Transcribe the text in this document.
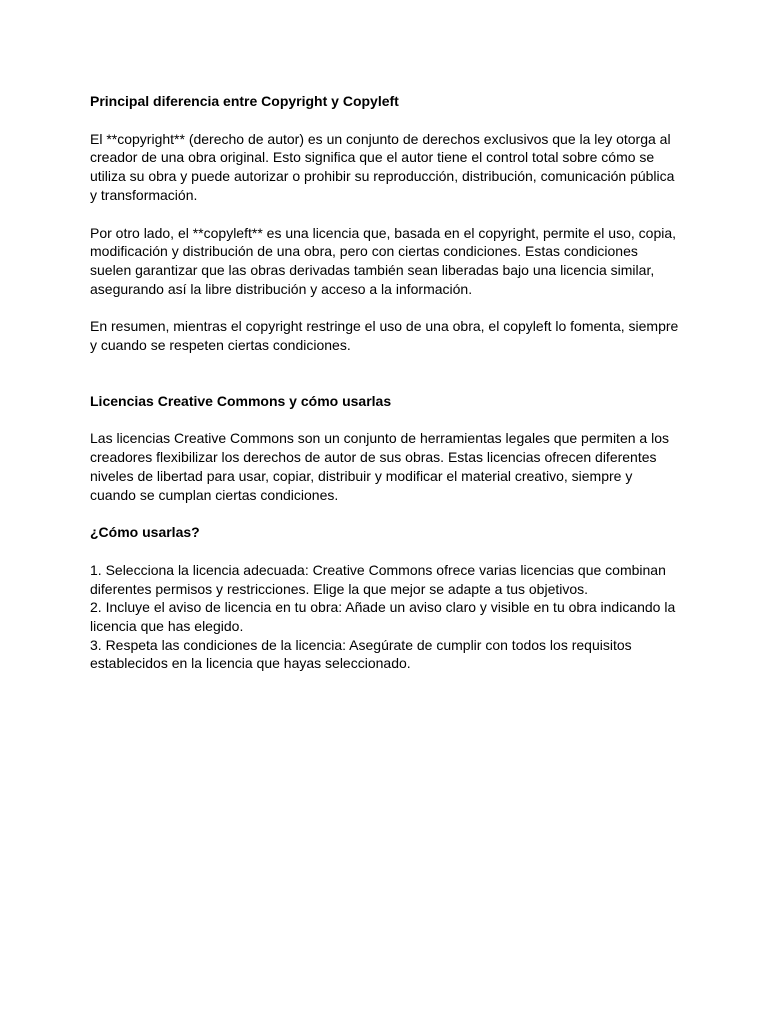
Principal diferencia entre Copyright y Copyleft

El **copyright** (derecho de autor) es un conjunto de derechos exclusivos que la ley otorga al creador de una obra original. Esto significa que el autor tiene el control total sobre cómo se utiliza su obra y puede autorizar o prohibir su reproducción, distribución, comunicación pública y transformación.

Por otro lado, el **copyleft** es una licencia que, basada en el copyright, permite el uso, copia, modificación y distribución de una obra, pero con ciertas condiciones. Estas condiciones suelen garantizar que las obras derivadas también sean liberadas bajo una licencia similar, asegurando así la libre distribución y acceso a la información.

En resumen, mientras el copyright restringe el uso de una obra, el copyleft lo fomenta, siempre y cuando se respeten ciertas condiciones.

Licencias Creative Commons y cómo usarlas

Las licencias Creative Commons son un conjunto de herramientas legales que permiten a los creadores flexibilizar los derechos de autor de sus obras. Estas licencias ofrecen diferentes niveles de libertad para usar, copiar, distribuir y modificar el material creativo, siempre y cuando se cumplan ciertas condiciones.

¿Cómo usarlas?

1. Selecciona la licencia adecuada: Creative Commons ofrece varias licencias que combinan diferentes permisos y restricciones. Elige la que mejor se adapte a tus objetivos.

2. Incluye el aviso de licencia en tu obra: Añade un aviso claro y visible en tu obra indicando la licencia que has elegido.

3. Respeta las condiciones de la licencia: Asegúrate de cumplir con todos los requisitos establecidos en la licencia que hayas seleccionado.
